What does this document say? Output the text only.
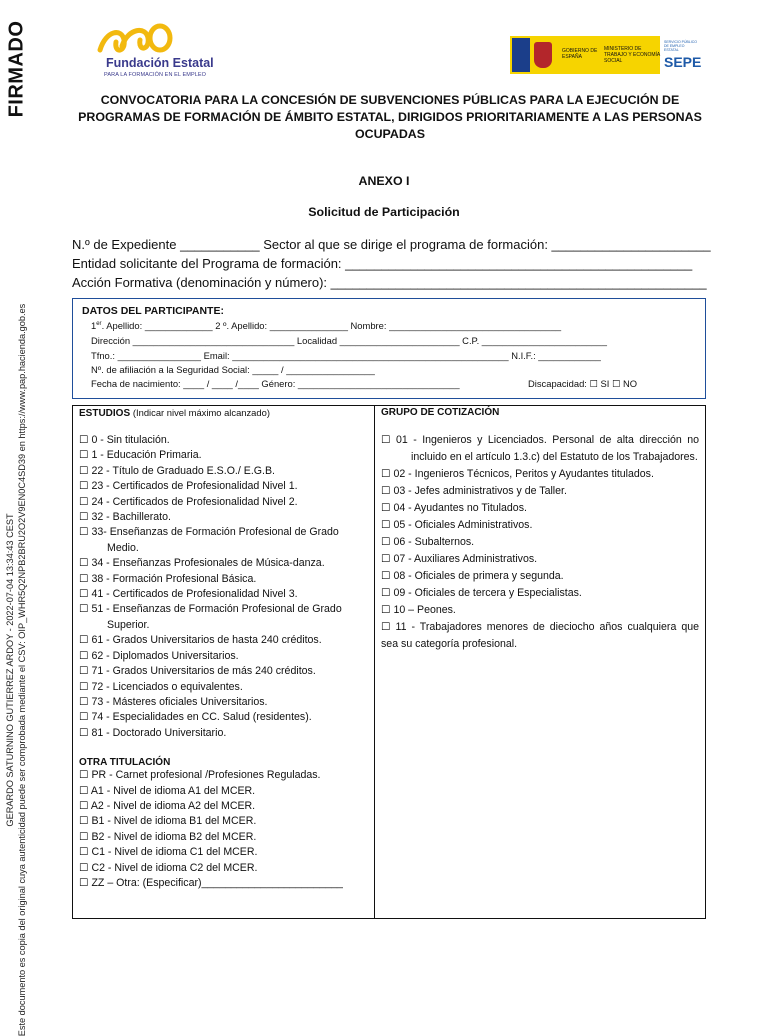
FIRMADO
GERARDO SATURNINO GUTIERREZ ARDOY - 2022-07-04 13:34:43 CEST Este documento es copia del original cuya autenticidad puede ser comprobada mediante el CSV: OIP_WHR5Q2NPB2BRU2O2V9EN0C4SD39 en https://www.pap.hacienda.gob.es
Fundación Estatal
PARA LA FORMACIÓN EN EL EMPLEO
GOBIERNO DE ESPAÑA
MINISTERIO DE TRABAJO Y ECONOMÍA SOCIAL
SERVICIO PÚBLICO DE EMPLEO ESTATAL
SEPE
CONVOCATORIA PARA LA CONCESIÓN DE SUBVENCIONES PÚBLICAS PARA LA EJECUCIÓN DE
PROGRAMAS DE FORMACIÓN DE ÁMBITO ESTATAL, DIRIGIDOS PRIORITARIAMENTE A LAS PERSONAS
OCUPADAS
ANEXO I
Solicitud de Participación
N.º de Expediente ___________ Sector al que se dirige el programa de formación: ______________________
Entidad solicitante del Programa de formación: ________________________________________________
Acción Formativa (denominación y número): ____________________________________________________
DATOS DEL PARTICIPANTE:
1er. Apellido: _____________ 2 º. Apellido: _______________ Nombre: _________________________________
Dirección _______________________________ Localidad _______________________ C.P. ________________________
Tfno.: ________________ Email: _____________________________________________________ N.I.F.: ____________
Nº. de afiliación a la Seguridad Social: _____ / _________________
Fecha de nacimiento: ____ / ____ /____ Género: _______________________________	Discapacidad: ☐ SI ☐ NO
ESTUDIOS (Indicar nivel máximo alcanzado)
☐ 0 - Sin titulación.
☐ 1 - Educación Primaria.
☐ 22 - Título de Graduado E.S.O./ E.G.B.
☐ 23 - Certificados de Profesionalidad Nivel 1.
☐ 24 - Certificados de Profesionalidad Nivel 2.
☐ 32 - Bachillerato.
☐ 33- Enseñanzas de Formación Profesional de Grado Medio.
☐ 34 - Enseñanzas Profesionales de Música-danza.
☐ 38 - Formación Profesional Básica.
☐ 41 - Certificados de Profesionalidad Nivel 3.
☐ 51 - Enseñanzas de Formación Profesional de Grado Superior.
☐ 61 - Grados Universitarios de hasta 240 créditos.
☐ 62 - Diplomados Universitarios.
☐ 71 - Grados Universitarios de más 240 créditos.
☐ 72 - Licenciados o equivalentes.
☐ 73 - Másteres oficiales Universitarios.
☐ 74 - Especialidades en CC. Salud (residentes).
☐ 81 - Doctorado Universitario.
OTRA TITULACIÓN
☐ PR - Carnet profesional /Profesiones Reguladas.
☐ A1 - Nivel de idioma A1 del MCER.
☐ A2 - Nivel de idioma A2 del MCER.
☐ B1 - Nivel de idioma B1 del MCER.
☐ B2 - Nivel de idioma B2 del MCER.
☐ C1 - Nivel de idioma C1 del MCER.
☐ C2 - Nivel de idioma C2 del MCER.
☐ ZZ – Otra: (Especificar)________________________
GRUPO DE COTIZACIÓN
☐ 01 - Ingenieros y Licenciados. Personal de alta dirección no incluido en el artículo 1.3.c) del Estatuto de los Trabajadores.
☐ 02 - Ingenieros Técnicos, Peritos y Ayudantes titulados.
☐ 03 - Jefes administrativos y de Taller.
☐ 04 - Ayudantes no Titulados.
☐ 05 - Oficiales Administrativos.
☐ 06 - Subalternos.
☐ 07 - Auxiliares Administrativos.
☐ 08 - Oficiales de primera y segunda.
☐ 09 - Oficiales de tercera y Especialistas.
☐ 10 – Peones.
☐ 11 - Trabajadores menores de dieciocho años cualquiera que sea su categoría profesional.
